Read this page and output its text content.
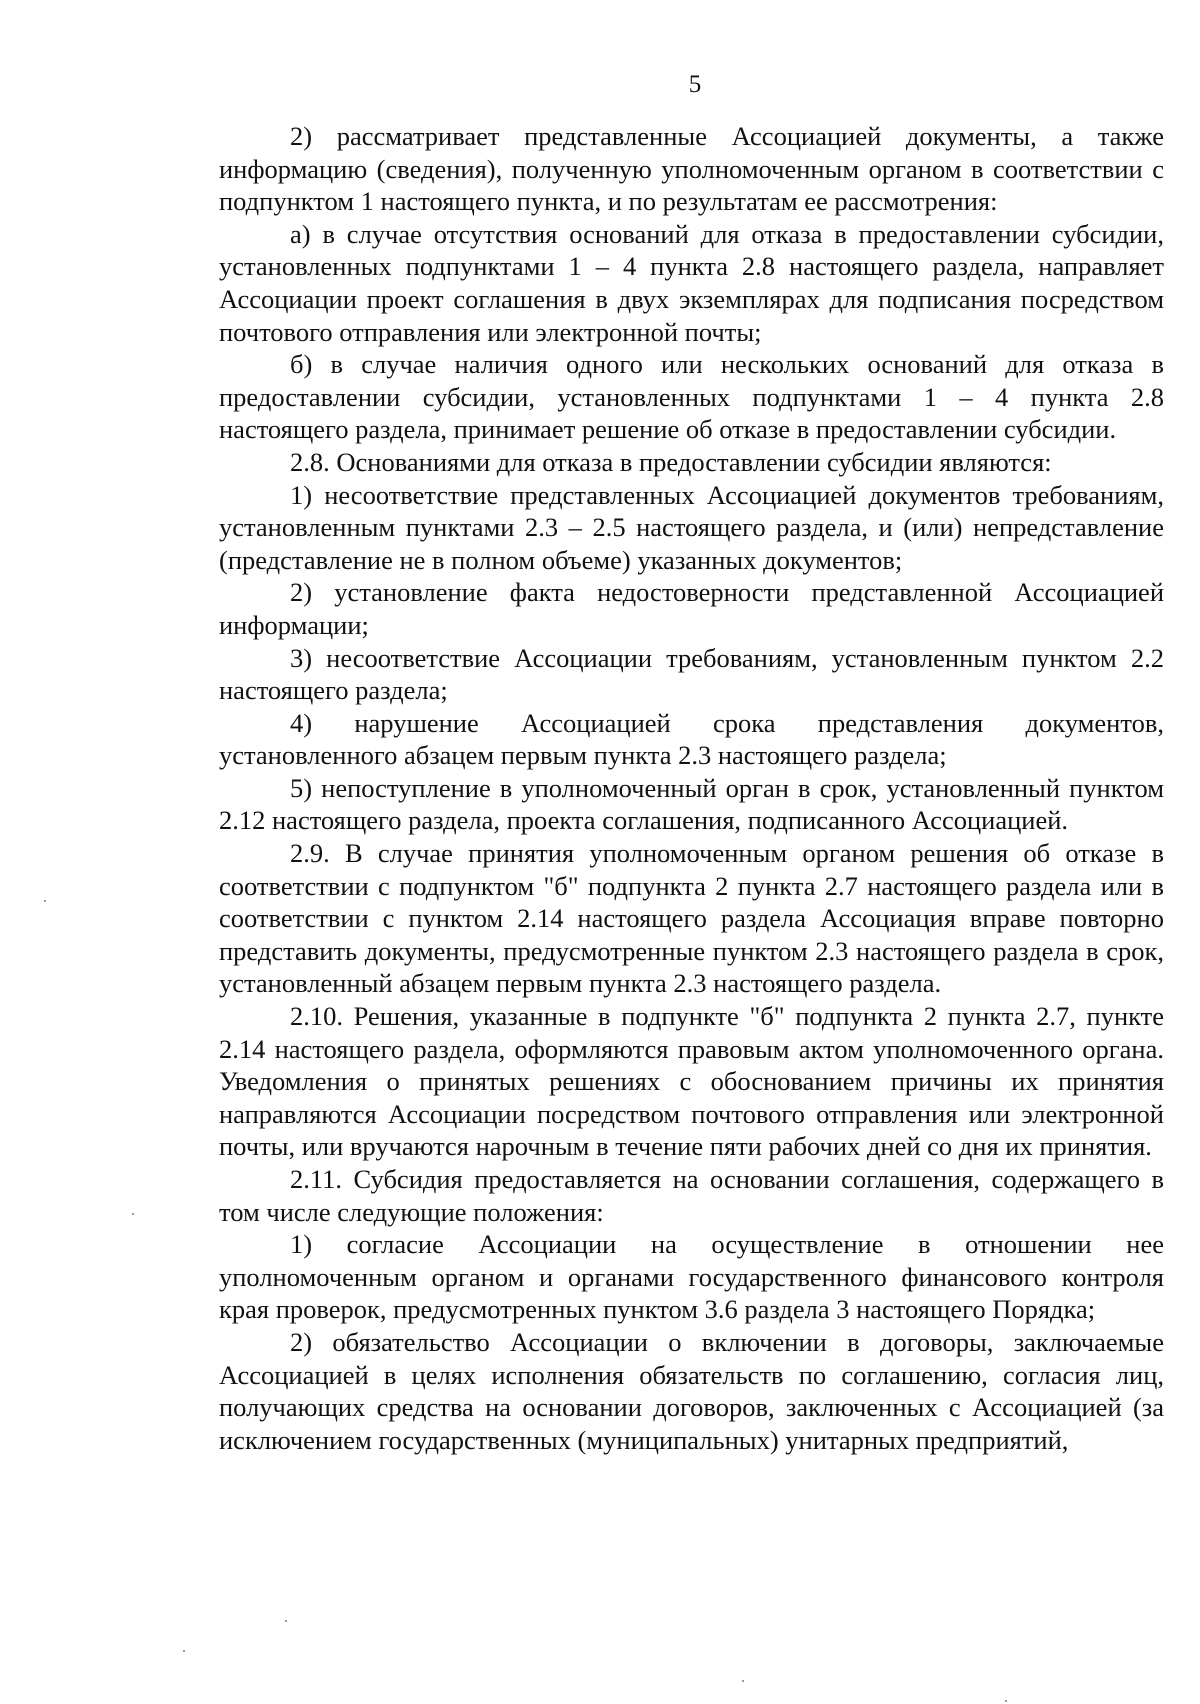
5

2) рассматривает представленные Ассоциацией документы, а также информацию (сведения), полученную уполномоченным органом в соответствии с подпунктом 1 настоящего пункта, и по результатам ее рассмотрения:

а) в случае отсутствия оснований для отказа в предоставлении субсидии, установленных подпунктами 1 – 4 пункта 2.8 настоящего раздела, направляет Ассоциации проект соглашения в двух экземплярах для подписания посредством почтового отправления или электронной почты;

б) в случае наличия одного или нескольких оснований для отказа в предоставлении субсидии, установленных подпунктами 1 – 4 пункта 2.8 настоящего раздела, принимает решение об отказе в предоставлении субсидии.

2.8. Основаниями для отказа в предоставлении субсидии являются:

1) несоответствие представленных Ассоциацией документов требованиям, установленным пунктами 2.3 – 2.5 настоящего раздела, и (или) непредставление (представление не в полном объеме) указанных документов;

2) установление факта недостоверности представленной Ассоциацией информации;

3) несоответствие Ассоциации требованиям, установленным пунктом 2.2 настоящего раздела;

4) нарушение Ассоциацией срока представления документов, установленного абзацем первым пункта 2.3 настоящего раздела;

5) непоступление в уполномоченный орган в срок, установленный пунктом 2.12 настоящего раздела, проекта соглашения, подписанного Ассоциацией.

2.9. В случае принятия уполномоченным органом решения об отказе в соответствии с подпунктом "б" подпункта 2 пункта 2.7 настоящего раздела или в соответствии с пунктом 2.14 настоящего раздела Ассоциация вправе повторно представить документы, предусмотренные пунктом 2.3 настоящего раздела в срок, установленный абзацем первым пункта 2.3 настоящего раздела.

2.10. Решения, указанные в подпункте "б" подпункта 2 пункта 2.7, пункте 2.14 настоящего раздела, оформляются правовым актом уполномоченного органа. Уведомления о принятых решениях с обоснованием причины их принятия направляются Ассоциации посредством почтового отправления или электронной почты, или вручаются нарочным в течение пяти рабочих дней со дня их принятия.

2.11. Субсидия предоставляется на основании соглашения, содержащего в том числе следующие положения:

1) согласие Ассоциации на осуществление в отношении нее уполномоченным органом и органами государственного финансового контроля края проверок, предусмотренных пунктом 3.6 раздела 3 настоящего Порядка;

2) обязательство Ассоциации о включении в договоры, заключаемые Ассоциацией в целях исполнения обязательств по соглашению, согласия лиц, получающих средства на основании договоров, заключенных с Ассоциацией (за исключением государственных (муниципальных) унитарных предприятий,
